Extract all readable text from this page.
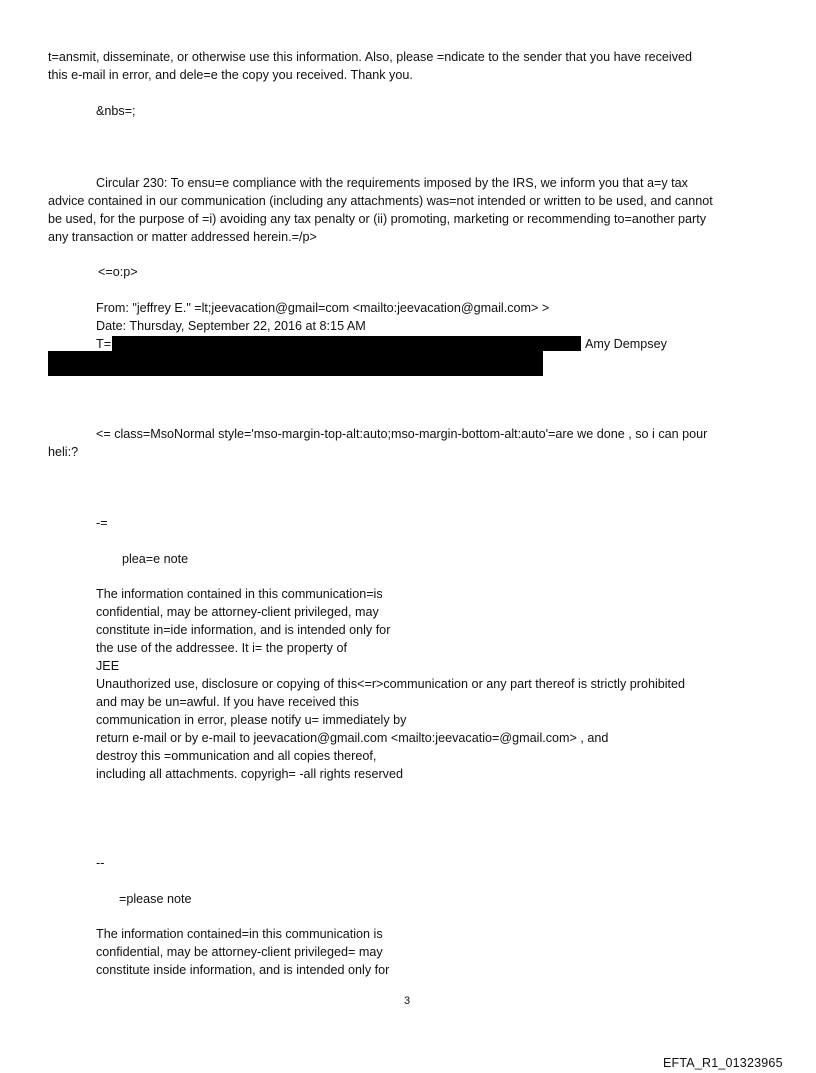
t=ansmit, disseminate, or otherwise use this information. Also, please =ndicate to the sender that you have received
this e-mail in error, and dele=e the copy you received. Thank you.
&nbs=;
Circular 230: To ensu=e compliance with the requirements imposed by the IRS, we inform you that a=y tax
advice contained in our communication (including any attachments) was=not intended or written to be used, and cannot
be used, for the purpose of =i) avoiding any tax penalty or (ii) promoting, marketing or recommending to=another party
any transaction or matter addressed herein.=/p>
<=o:p>
From: "jeffrey E." =lt;jeevacation@gmail=com <mailto:jeevacation@gmail.com> >
Date: Thursday, September 22, 2016 at 8:15 AM
T=	Amy Dempsey
<= class=MsoNormal style='mso-margin-top-alt:auto;mso-margin-bottom-alt:auto'=are we done , so i can pour
heli:?
-=
plea=e note
The information contained in this communication=is
confidential, may be attorney-client privileged, may
constitute in=ide information, and is intended only for
the use of the addressee. It i= the property of
JEE
Unauthorized use, disclosure or copying of this<=r>communication or any part thereof is strictly prohibited
and may be un=awful. If you have received this
communication in error, please notify u= immediately by
return e-mail or by e-mail to jeevacation@gmail.com <mailto:jeevacatio=@gmail.com> , and
destroy this =ommunication and all copies thereof,
including all attachments. copyrigh= -all rights reserved
--
=please note
The information contained=in this communication is
confidential, may be attorney-client privileged= may
constitute inside information, and is intended only for
3
EFTA_R1_01323965
